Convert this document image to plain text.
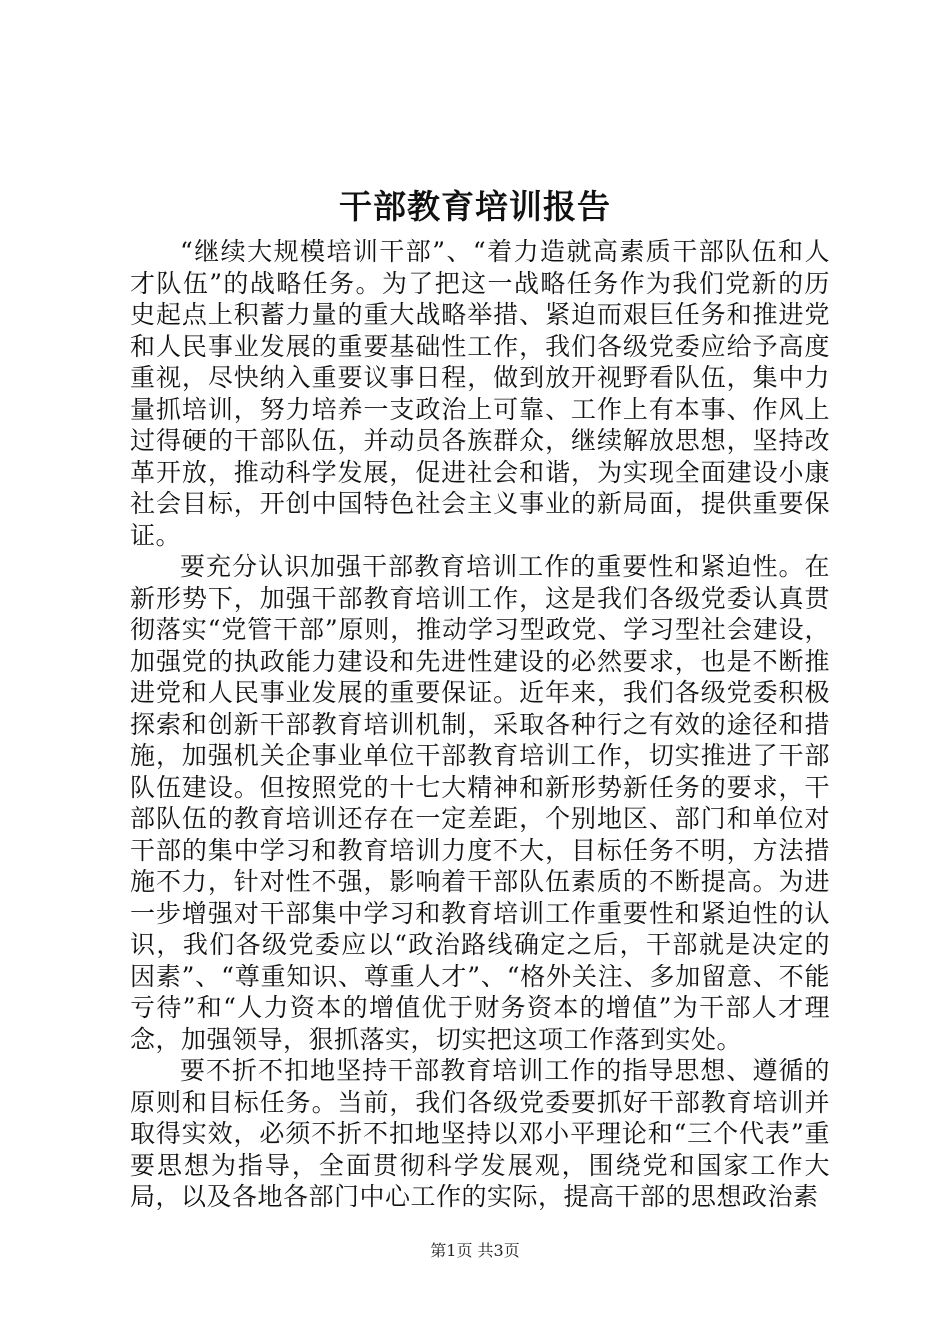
干部教育培训报告

“继续大规模培训干部”、“着力造就高素质干部队伍和人才队伍”的战略任务。为了把这一战略任务作为我们党新的历史起点上积蓄力量的重大战略举措、紧迫而艰巨任务和推进党和人民事业发展的重要基础性工作，我们各级党委应给予高度重视，尽快纳入重要议事日程，做到放开视野看队伍，集中力量抓培训，努力培养一支政治上可靠、工作上有本事、作风上过得硬的干部队伍，并动员各族群众，继续解放思想，坚持改革开放，推动科学发展，促进社会和谐，为实现全面建设小康社会目标，开创中国特色社会主义事业的新局面，提供重要保证。

要充分认识加强干部教育培训工作的重要性和紧迫性。在新形势下，加强干部教育培训工作，这是我们各级党委认真贯彻落实“党管干部”原则，推动学习型政党、学习型社会建设，加强党的执政能力建设和先进性建设的必然要求，也是不断推进党和人民事业发展的重要保证。近年来，我们各级党委积极探索和创新干部教育培训机制，采取各种行之有效的途径和措施，加强机关企事业单位干部教育培训工作，切实推进了干部队伍建设。但按照党的十七大精神和新形势新任务的要求，干部队伍的教育培训还存在一定差距，个别地区、部门和单位对干部的集中学习和教育培训力度不大，目标任务不明，方法措施不力，针对性不强，影响着干部队伍素质的不断提高。为进一步增强对干部集中学习和教育培训工作重要性和紧迫性的认识，我们各级党委应以“政治路线确定之后，干部就是决定的因素”、“尊重知识、尊重人才”、“格外关注、多加留意、不能亏待”和“人力资本的增值优于财务资本的增值”为干部人才理念，加强领导，狠抓落实，切实把这项工作落到实处。

要不折不扣地坚持干部教育培训工作的指导思想、遵循的原则和目标任务。当前，我们各级党委要抓好干部教育培训并取得实效，必须不折不扣地坚持以邓小平理论和“三个代表”重要思想为指导，全面贯彻科学发展观，围绕党和国家工作大局，以及各地各部门中心工作的实际，提高干部的思想政治素

第1页 共3页
